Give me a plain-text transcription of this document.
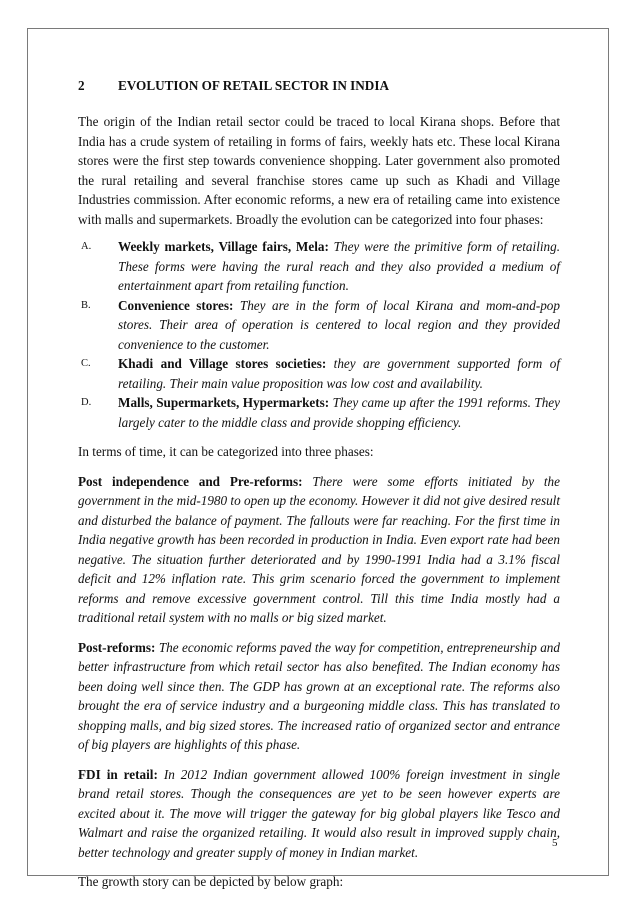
2	EVOLUTION OF RETAIL SECTOR IN INDIA

The origin of the Indian retail sector could be traced to local Kirana shops. Before that India has a crude system of retailing in forms of fairs, weekly hats etc. These local Kirana stores were the first step towards convenience shopping. Later government also promoted the rural retailing and several franchise stores came up such as Khadi and Village Industries commission. After economic reforms, a new era of retailing came into existence with malls and supermarkets. Broadly the evolution can be categorized into four phases:

A.	Weekly markets, Village fairs, Mela: They were the primitive form of retailing. These forms were having the rural reach and they also provided a medium of entertainment apart from retailing function.
B.	Convenience stores: They are in the form of local Kirana and mom-and-pop stores. Their area of operation is centered to local region and they provided convenience to the customer.
C.	Khadi and Village stores societies: they are government supported form of retailing. Their main value proposition was low cost and availability.
D.	Malls, Supermarkets, Hypermarkets: They came up after the 1991 reforms. They largely cater to the middle class and provide shopping efficiency.

In terms of time, it can be categorized into three phases:

Post independence and Pre-reforms: There were some efforts initiated by the government in the mid-1980 to open up the economy. However it did not give desired result and disturbed the balance of payment. The fallouts were far reaching. For the first time in India negative growth has been recorded in production in India. Even export rate had been negative. The situation further deteriorated and by 1990-1991 India had a 3.1% fiscal deficit and 12% inflation rate. This grim scenario forced the government to implement reforms and remove excessive government control. Till this time India mostly had a traditional retail system with no malls or big sized market.

Post-reforms: The economic reforms paved the way for competition, entrepreneurship and better infrastructure from which retail sector has also benefited. The Indian economy has been doing well since then. The GDP has grown at an exceptional rate. The reforms also brought the era of service industry and a burgeoning middle class. This has translated to shopping malls, and big sized stores. The increased ratio of organized sector and entrance of big players are highlights of this phase.

FDI in retail: In 2012 Indian government allowed 100% foreign investment in single brand retail stores. Though the consequences are yet to be seen however experts are excited about it. The move will trigger the gateway for big global players like Tesco and Walmart and raise the organized retailing. It would also result in improved supply chain, better technology and greater supply of money in Indian market.

The growth story can be depicted by below graph:

5
